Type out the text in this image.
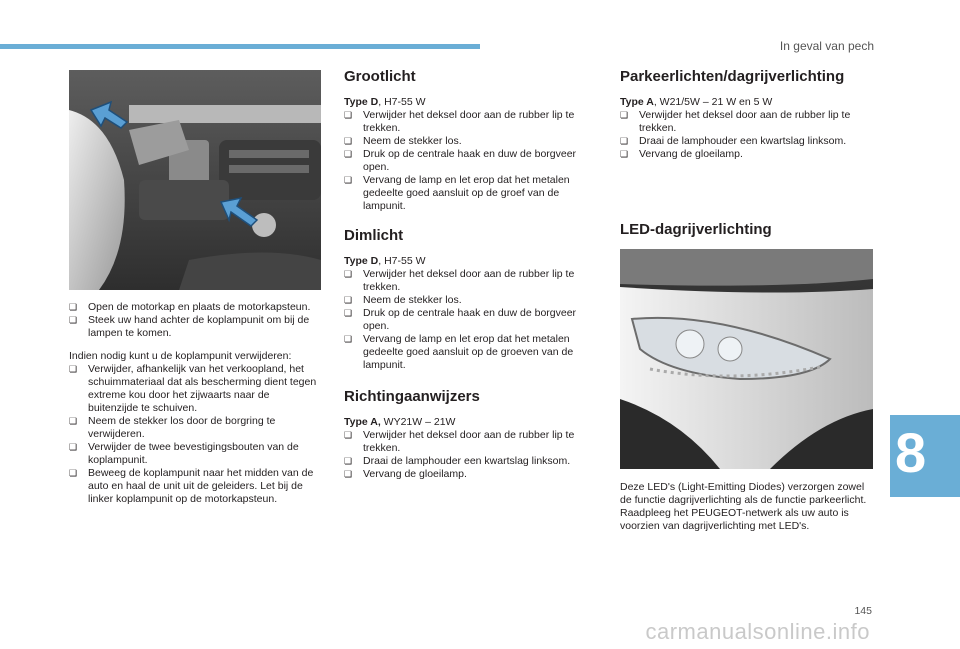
In geval van pech
❏ Open de motorkap en plaats de motorkapsteun.
❏ Steek uw hand achter de koplampunit om bij de lampen te komen.

Indien nodig kunt u de koplampunit verwijderen:

❏ Verwijder, afhankelijk van het verkoopland, het schuimmateriaal dat als bescherming dient tegen extreme kou door het zijwaarts naar de buitenzijde te schuiven.
❏ Neem de stekker los door de borgring te verwijderen.
❏ Verwijder de twee bevestigingsbouten van de koplampunit.
❏ Beweeg de koplampunit naar het midden van de auto en haal de unit uit de geleiders. Let bij de linker koplampunit op de motorkapsteun.
Grootlicht

Type D, H7-55 W

❏ Verwijder het deksel door aan de rubber lip te trekken.
❏ Neem de stekker los.
❏ Druk op de centrale haak en duw de borgveer open.
❏ Vervang de lamp en let erop dat het metalen gedeelte goed aansluit op de groef van de lampunit.
Dimlicht

Type D, H7-55 W

❏ Verwijder het deksel door aan de rubber lip te trekken.
❏ Neem de stekker los.
❏ Druk op de centrale haak en duw de borgveer open.
❏ Vervang de lamp en let erop dat het metalen gedeelte goed aansluit op de groeven van de lampunit.
Richtingaanwijzers

Type A, WY21W – 21W

❏ Verwijder het deksel door aan de rubber lip te trekken.
❏ Draai de lamphouder een kwartslag linksom.
❏ Vervang de gloeilamp.
Parkeerlichten/dagrijverlichting

Type A, W21/5W – 21 W en 5 W

❏ Verwijder het deksel door aan de rubber lip te trekken.
❏ Draai de lamphouder een kwartslag linksom.
❏ Vervang de gloeilamp.
LED-dagrijverlichting

Deze LED's (Light-Emitting Diodes) verzorgen zowel de functie dagrijverlichting als de functie parkeerlicht.

Raadpleeg het PEUGEOT-netwerk als uw auto is voorzien van dagrijverlichting met LED's.

8
145
carmanualsonline.info
